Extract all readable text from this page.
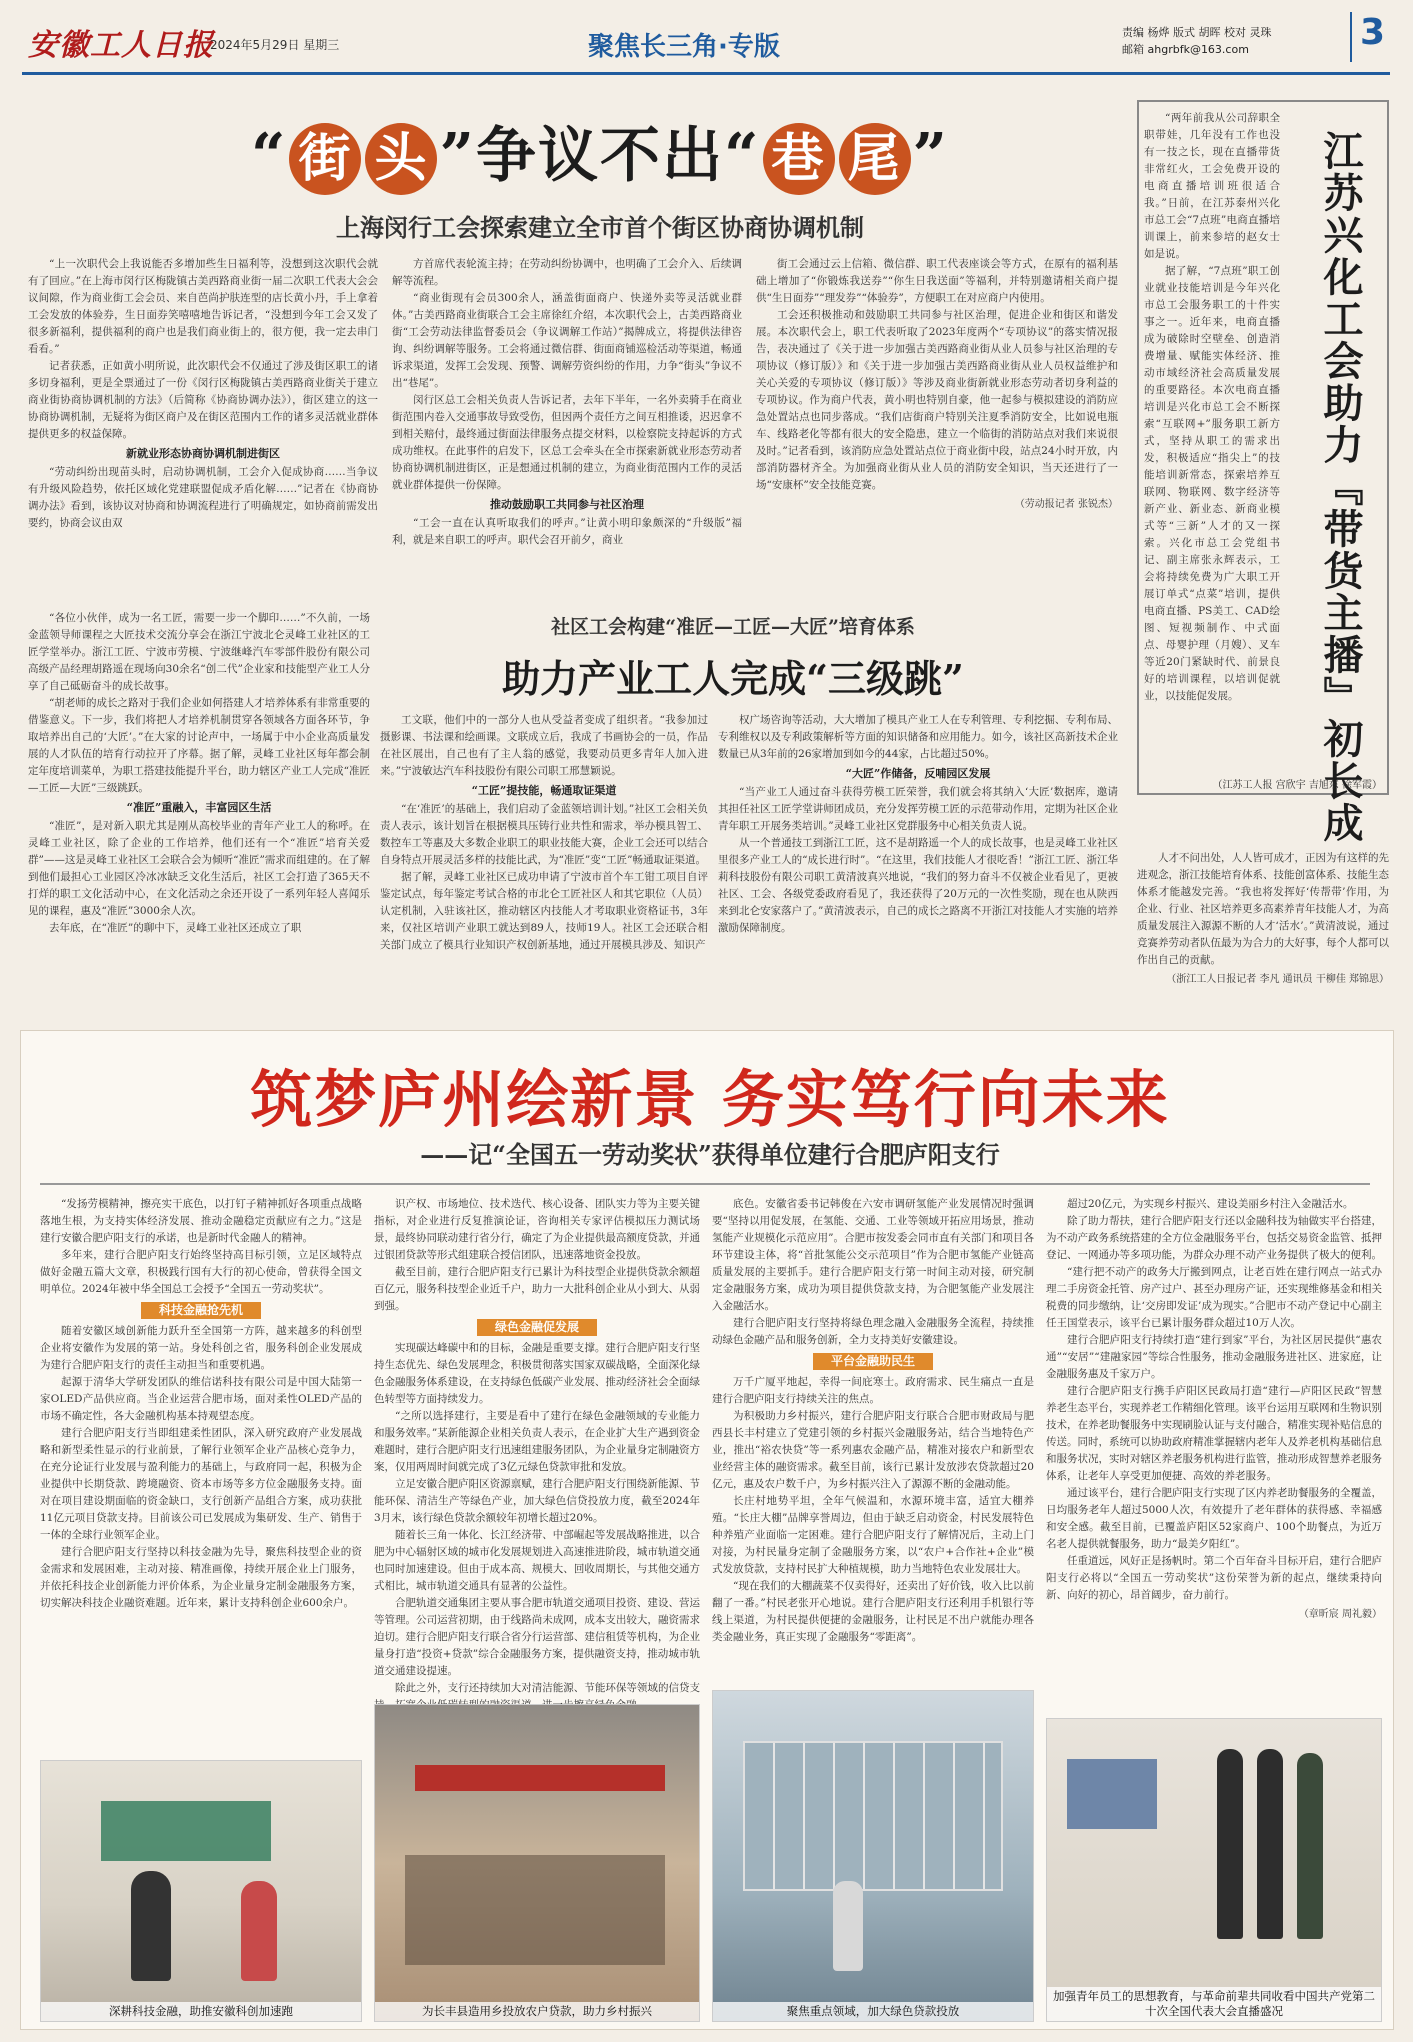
安徽工人日报
2024年5月29日 星期三	聚焦长三角·专版	责编 杨烨 版式 胡晖 校对 灵珠
邮箱 ahgrbfk@163.com	3
“ 街 头 ”争议不出“ 巷 尾 ”
上海闵行工会探索建立全市首个街区协商协调机制

“上一次职代会上我说能否多增加些生日福利等，没想到这次职代会就有了回应。”在上海市闵行区梅陇镇古美西路商业街一届二次职工代表大会会议间隙，作为商业街工会会员、来自芭尚护肤连型的店长黄小丹，手上拿着工会发放的体验券，生日面券笑嘻嘻地告诉记者，“没想到今年工会又发了很多新福利，提供福利的商户也是我们商业街上的，很方便，我一定去串门看看。”

记者获悉，正如黄小明所说，此次职代会不仅通过了涉及街区职工的诸多切身福利，更是全票通过了一份《闵行区梅陇镇古美西路商业街关于建立商业街协商协调机制的方法》（后简称《协商协调办法》），街区建立的这一协商协调机制，无疑将为街区商户及在街区范围内工作的诸多灵活就业群体提供更多的权益保障。

新就业形态协商协调机制进街区

“劳动纠纷出现苗头时，启动协调机制，工会介入促成协商……当争议有升级风险趋势，依托区域化党建联盟促成矛盾化解……”记者在《协商协调办法》看到，该协议对协商和协调流程进行了明确规定，如协商前需发出要约，协商会议由双

方首席代表轮流主持；在劳动纠纷协调中，也明确了工会介入、后续调解等流程。

“商业街现有会员300余人，涵盖街面商户、快递外卖等灵活就业群体。”古美西路商业街联合工会主席徐红介绍，本次职代会上，古美西路商业街“工会劳动法律监督委员会（争议调解工作站）”揭牌成立，将提供法律咨询、纠纷调解等服务。工会将通过微信群、街面商铺巡检活动等渠道，畅通诉求渠道，发挥工会发现、预警、调解劳资纠纷的作用，力争“街头”争议不出“巷尾”。

闵行区总工会相关负责人告诉记者，去年下半年，一名外卖骑手在商业街范围内卷入交通事故导致受伤，但因两个责任方之间互相推诿，迟迟拿不到相关赔付，最终通过街面法律服务点提交材料，以检察院支持起诉的方式成功维权。在此事件的启发下，区总工会牵头在全市探索新就业形态劳动者协商协调机制进街区，正是想通过机制的建立，为商业街范围内工作的灵活就业群体提供一份保障。

推动鼓励职工共同参与社区治理

“工会一直在认真听取我们的呼声。”让黄小明印象颇深的“升级版”福利，就是来自职工的呼声。职代会召开前夕，商业

街工会通过云上信箱、微信群、职工代表座谈会等方式，在原有的福利基础上增加了“你锻炼我送券”“你生日我送面”等福利，并特别邀请相关商户提供“生日面券”“理发券”“体验券”，方便职工在对应商户内使用。

工会还积极推动和鼓励职工共同参与社区治理，促进企业和街区和谐发展。本次职代会上，职工代表听取了2023年度两个“专项协议”的落实情况报告，表决通过了《关于进一步加强古美西路商业街从业人员参与社区治理的专项协议（修订版）》和《关于进一步加强古美西路商业街从业人员权益维护和关心关爱的专项协议（修订版）》等涉及商业街新就业形态劳动者切身利益的专项协议。作为商户代表，黄小明也特别自豪，他一起参与模拟建设的消防应急处置站点也同步落成。“我们店街商户特别关注夏季消防安全，比如说电瓶车、线路老化等都有很大的安全隐患，建立一个临街的消防站点对我们来说很及时。”记者看到，该消防应急处置站点位于商业街中段，站点24小时开放，内部消防器材齐全。为加强商业街从业人员的消防安全知识，当天还进行了一场“安康杯”安全技能竞赛。

（劳动报记者 张锐杰）

“两年前我从公司辞职全职带娃，几年没有工作也没有一技之长，现在直播带货非常红火，工会免费开设的电商直播培训班很适合我。”日前，在江苏泰州兴化市总工会“7点班”电商直播培训课上，前来参培的赵女士如是说。

据了解，“7点班”职工创业就业技能培训是今年兴化市总工会服务职工的十件实事之一。近年来，电商直播成为破除时空壁垒、创造消费增量、赋能实体经济、推动市域经济社会高质量发展的重要路径。本次电商直播培训是兴化市总工会不断探索“互联网+”服务职工新方式，坚持从职工的需求出发，积极适应“指尖上”的技能培训新常态，探索培养互联网、物联网、数字经济等新产业、新业态、新商业模式等“三新”人才的又一探索。兴化市总工会党组书记、副主席张永辉表示，工会将持续免费为广大职工开展订单式“点菜”培训，提供电商直播、PS美工、CAD绘图、短视频制作、中式面点、母婴护理（月嫂）、叉车等近20门紧缺时代、前景良好的培训课程，以培训促就业，以技能促发展。	江苏兴化工会助力『带货主播』初长成
（江苏工人报 宫欣宇 吉旭东 徐军霞）

“各位小伙伴，成为一名工匠，需要一步一个脚印……”不久前，一场金蓝领导师课程之大匠技术交流分享会在浙江宁波北仑灵峰工业社区的工匠学堂举办。浙江工匠、宁波市劳模、宁波继峰汽车零部件股份有限公司高级产品经理胡路遥在现场向30余名“创二代”企业家和技能型产业工人分享了自己砥砺奋斗的成长故事。

“胡老师的成长之路对于我们企业如何搭建人才培养体系有非常重要的借鉴意义。下一步，我们将把人才培养机制贯穿各领域各方面各环节，争取培养出自己的‘大匠’。”在大家的讨论声中，一场属于中小企业高质量发展的人才队伍的培育行动拉开了序幕。据了解，灵峰工业社区每年都会制定年度培训菜单，为职工搭建技能提升平台，助力辖区产业工人完成“准匠—工匠—大匠”三级跳跃。

“准匠”重融入，丰富园区生活

“准匠”，是对新入职尤其是刚从高校毕业的青年产业工人的称呼。在灵峰工业社区，除了企业的工作培养，他们还有一个“准匠”培育关爱群”——这是灵峰工业社区工会联合会为倾听“准匠”需求而组建的。在了解到他们最担心工业园区冷冰冰缺乏文化生活后，社区工会打造了365天不打烊的职工文化活动中心，在文化活动之余还开设了一系列年轻人喜闻乐见的课程，惠及“准匠”3000余人次。

去年底，在“准匠”的聊中下，灵峰工业社区还成立了职

社区工会构建“准匠—工匠—大匠”培育体系
助力产业工人完成“三级跳”

工文联，他们中的一部分人也从受益者变成了组织者。“我参加过摄影课、书法课和绘画课。文联成立后，我成了书画协会的一员，作品在社区展出，自己也有了主人翁的感觉，我要动员更多青年人加入进来。”宁波敏达汽车科技股份有限公司职工邢慧颖说。

“工匠”提技能，畅通取证渠道

“在‘准匠’的基础上，我们启动了金蓝领培训计划。”社区工会相关负责人表示，该计划旨在根据模具压铸行业共性和需求，举办模具智工、数控车工等惠及大多数企业职工的职业技能大赛，企业工会还可以结合自身特点开展灵活多样的技能比武，为“准匠”变“工匠”畅通取证渠道。

据了解，灵峰工业社区已成功申请了宁波市首个车工钳工项目自评鉴定试点，每年鉴定考试合格的市北仑工匠社区人和其它职位（人员）认定机制，入驻该社区，推动辖区内技能人才考取职业资格证书，3年来，仅社区培训产业职工就达到89人，技师19人。社区工会还联合相关部门成立了模具行业知识产权创新基地，通过开展模具涉及、知识产

权广场咨询等活动，大大增加了模具产业工人在专利管理、专利挖掘、专利布局、专利维权以及专利政策解析等方面的知识储备和应用能力。如今，该社区高新技术企业数量已从3年前的26家增加到如今的44家，占比超过50%。

“大匠”作储备，反哺园区发展

“当产业工人通过奋斗获得劳模工匠荣誉，我们就会将其纳入‘大匠’数据库，邀请其担任社区工匠学堂讲师团成员，充分发挥劳模工匠的示范带动作用，定期为社区企业青年职工开展务类培训。”灵峰工业社区党群服务中心相关负责人说。

从一个普通技工到浙江工匠，这不是胡路遥一个人的成长故事，也是灵峰工业社区里很多产业工人的“成长进行时”。“在这里，我们技能人才很吃香！”浙江工匠、浙江华莉科技股份有限公司职工黄清波真兴地说，“我们的努力奋斗不仅被企业看见了，更被社区、工会、各级党委政府看见了，我还获得了20万元的一次性奖励，现在也从陕西来到北仑安家落户了。”黄清波表示，自己的成长之路离不开浙江对技能人才实施的培养激励保障制度。

人才不问出处，人人皆可成才，正因为有这样的先进观念，浙江技能培育体系、技能创富体系、技能生态体系才能越发完善。“我也将发挥好‘传帮带’作用，为企业、行业、社区培养更多高素养青年技能人才，为高质量发展注入源源不断的人才‘活水’。”黄清波说，通过竞赛养劳动者队伍最为为合力的大好事，每个人都可以作出自己的贡献。

（浙江工人日报记者 李凡 通讯员 干柳佳 郑锦思）

筑梦庐州绘新景 务实笃行向未来
——记“全国五一劳动奖状”获得单位建行合肥庐阳支行

“发扬劳模精神，擦亮实干底色，以打钉子精神抓好各项重点战略落地生根，为支持实体经济发展、推动金融稳定贡献应有之力。”这是建行安徽合肥庐阳支行的承诺，也是新时代金融人的精神。

多年来，建行合肥庐阳支行始终坚持高目标引领，立足区域特点做好金融五篇大文章，积极践行国有大行的初心使命，曾获得全国文明单位。2024年被中华全国总工会授予“全国五一劳动奖状”。

科技金融抢先机

随着安徽区域创新能力跃升至全国第一方阵，越来越多的科创型企业将安徽作为发展的第一站。身处科创之省，服务科创企业发展成为建行合肥庐阳支行的责任主动担当和重要机遇。

起源于清华大学研发团队的维信诺科技有限公司是中国大陆第一家OLED产品供应商。当企业运营合肥市场，面对柔性OLED产品的市场不确定性，各大金融机构基本持观望态度。

建行合肥庐阳支行当即组建柔性团队，深入研究政府产业发展战略和新型柔性显示的行业前景，了解行业领军企业产品核心竞争力，在充分论证行业发展与盈利能力的基础上，与政府同一起，积极为企业提供中长期贷款、跨境融资、资本市场等多方位金融服务支持。面对在项目建设期面临的资金缺口，支行创新产品组合方案，成功获批11亿元项目贷款支持。目前该公司已发展成为集研发、生产、销售于一体的全球行业领军企业。

建行合肥庐阳支行坚持以科技金融为先导，聚焦科技型企业的资金需求和发展困难，主动对接、精准画像，持续开展企业上门服务，并依托科技企业创新能力评价体系，为企业量身定制金融服务方案，切实解决科技企业融资难题。近年来，累计支持科创企业600余户。

识产权、市场地位、技术迭代、核心设备、团队实力等为主要关键指标，对企业进行反复推演论证，咨询相关专家评估模拟压力测试场景，最终协同联动建行省分行，确定了为企业提供最高额度贷款，并通过银团贷款等形式组建联合授信团队，迅速落地资金投放。

截至目前，建行合肥庐阳支行已累计为科技型企业提供贷款余额超百亿元，服务科技型企业近千户，助力一大批科创企业从小到大、从弱到强。

绿色金融促发展

实现碳达峰碳中和的目标，金融是重要支撑。建行合肥庐阳支行坚持生态优先、绿色发展理念，积极贯彻落实国家双碳战略，全面深化绿色金融服务体系建设，在支持绿色低碳产业发展、推动经济社会全面绿色转型等方面持续发力。

“之所以选择建行，主要是看中了建行在绿色金融领域的专业能力和服务效率。”某新能源企业相关负责人表示，在企业扩大生产遇到资金难题时，建行合肥庐阳支行迅速组建服务团队，为企业量身定制融资方案，仅用两周时间就完成了3亿元绿色贷款审批和发放。

立足安徽合肥庐阳区资源禀赋，建行合肥庐阳支行围绕新能源、节能环保、清洁生产等绿色产业，加大绿色信贷投放力度，截至2024年3月末，该行绿色贷款余额较年初增长超过20%。

随着长三角一体化、长江经济带、中部崛起等发展战略推进，以合肥为中心辐射区域的城市化发展规划进入高速推进阶段，城市轨道交通也同时加速建设。但由于成本高、规模大、回收周期长，与其他交通方式相比，城市轨道交通具有显著的公益性。

合肥轨道交通集团主要从事合肥市轨道交通项目投资、建设、营运等管理。公司运营初期，由于线路尚未成网，成本支出较大，融资需求迫切。建行合肥庐阳支行联合省分行运营部、建信租赁等机构，为企业量身打造“投资+贷款”综合金融服务方案，提供融资支持，推动城市轨道交通建设提速。

除此之外，支行还持续加大对清洁能源、节能环保等领域的信贷支

底色。安徽省委书记韩俊在六安市调研氢能产业发展情况时强调要“坚持以用促发展，在氢能、交通、工业等领域开拓应用场景，推动氢能产业规模化示范应用”。合肥市按发委会同市直有关部门和项目各环节建设主体，将“首批氢能公交示范项目”作为合肥市氢能产业链高质量发展的主要抓手。建行合肥庐阳支行第一时间主动对接，研究制定金融服务方案，成功为项目提供贷款支持，为合肥氢能产业发展注入金融活水。

建行合肥庐阳支行坚持将绿色理念融入金融服务全流程，持续推动绿色金融产品和服务创新，全力支持美好安徽建设。

平台金融助民生

万千广厦平地起，幸得一间庇寒士。政府需求、民生痛点一直是建行合肥庐阳支行持续关注的焦点。

为积极助力乡村振兴，建行合肥庐阳支行联合合肥市财政局与肥西县长丰村建立了党建引领的乡村振兴金融服务站，结合当地特色产业，推出“裕农快贷”等一系列惠农金融产品，精准对接农户和新型农业经营主体的融资需求。截至目前，该行已累计发放涉农贷款超过20亿元，惠及农户数千户，为乡村振兴注入了源源不断的金融动能。

长庄村地势平坦，全年气候温和，水源环境丰富，适宜大棚养殖。“长庄大棚”品牌享誉周边，但由于缺乏启动资金，村民发展特色种养殖产业面临一定困难。建行合肥庐阳支行了解情况后，主动上门对接，为村民量身定制了金融服务方案，以“农户+合作社+企业”模式发放贷款，支持村民扩大种植规模，助力当地特色农业发展壮大。

“现在我们的大棚蔬菜不仅卖得好，还卖出了好价钱，收入比以前翻了一番。”村民老张开心地说。建行合肥庐阳支行还利用手机银行等线上渠道，为村民提供便捷的金融服务，让村民足不出户就能办理各类金融业务，真正实现了金融服务“零距离”。

超过20亿元，为实现乡村振兴、建设美丽乡村注入金融活水。

除了助力帮扶，建行合肥庐阳支行还以金融科技为轴做实平台搭建，为不动产政务系统搭建的全方位金融服务平台，包括交易资金监管、抵押登记、一网通办等多项功能，为群众办理不动产业务提供了极大的便利。

“建行把不动产的政务大厅搬到网点，让老百姓在建行网点一站式办理二手房资金托管、房产过户、甚至办理房产证，还实现维修基金和相关税费的同步缴纳，让‘交房即发证’成为现实。”合肥市不动产登记中心副主任王国堂表示，该平台已累计服务群众超过10万人次。

建行合肥庐阳支行持续打造“建行到家”平台，为社区居民提供“惠农通”“安居”“建融家园”等综合性服务，推动金融服务进社区、进家庭，让金融服务惠及千家万户。

建行合肥庐阳支行携手庐阳区民政局打造“建行—庐阳区民政”智慧养老生态平台，实现养老工作精细化管理。该平台运用互联网和生物识别技术，在养老助餐服务中实现刷脸认证与支付融合，精准实现补贴信息的传送。同时，系统可以协助政府精准掌握辖内老年人及养老机构基础信息和服务状况，实时对辖区养老服务机构进行监管，推动形成智慧养老服务体系，让老年人享受更加便捷、高效的养老服务。

通过该平台，建行合肥庐阳支行实现了区内养老助餐服务的全覆盖，日均服务老年人超过5000人次，有效提升了老年群体的获得感、幸福感和安全感。截至目前，已覆盖庐阳区52家商户、100个助餐点，为近万名老人提供就餐服务，助力“最美夕阳红”。

任重道远，风好正是扬帆时。第二个百年奋斗目标开启，建行合肥庐阳支行必将以“全国五一劳动奖状”这份荣誉为新的起点，继续秉持向新、向好的初心，昂首阔步，奋力前行。

（章昕宸 周礼毅）

深耕科技金融，助推安徽科创加速跑	为长丰县造用乡投放农户贷款，助力乡村振兴	聚焦重点领域，加大绿色贷款投放
加强青年员工的思想教育，与革命前辈共同收看中国共产党第二十次全国代表大会直播盛况
